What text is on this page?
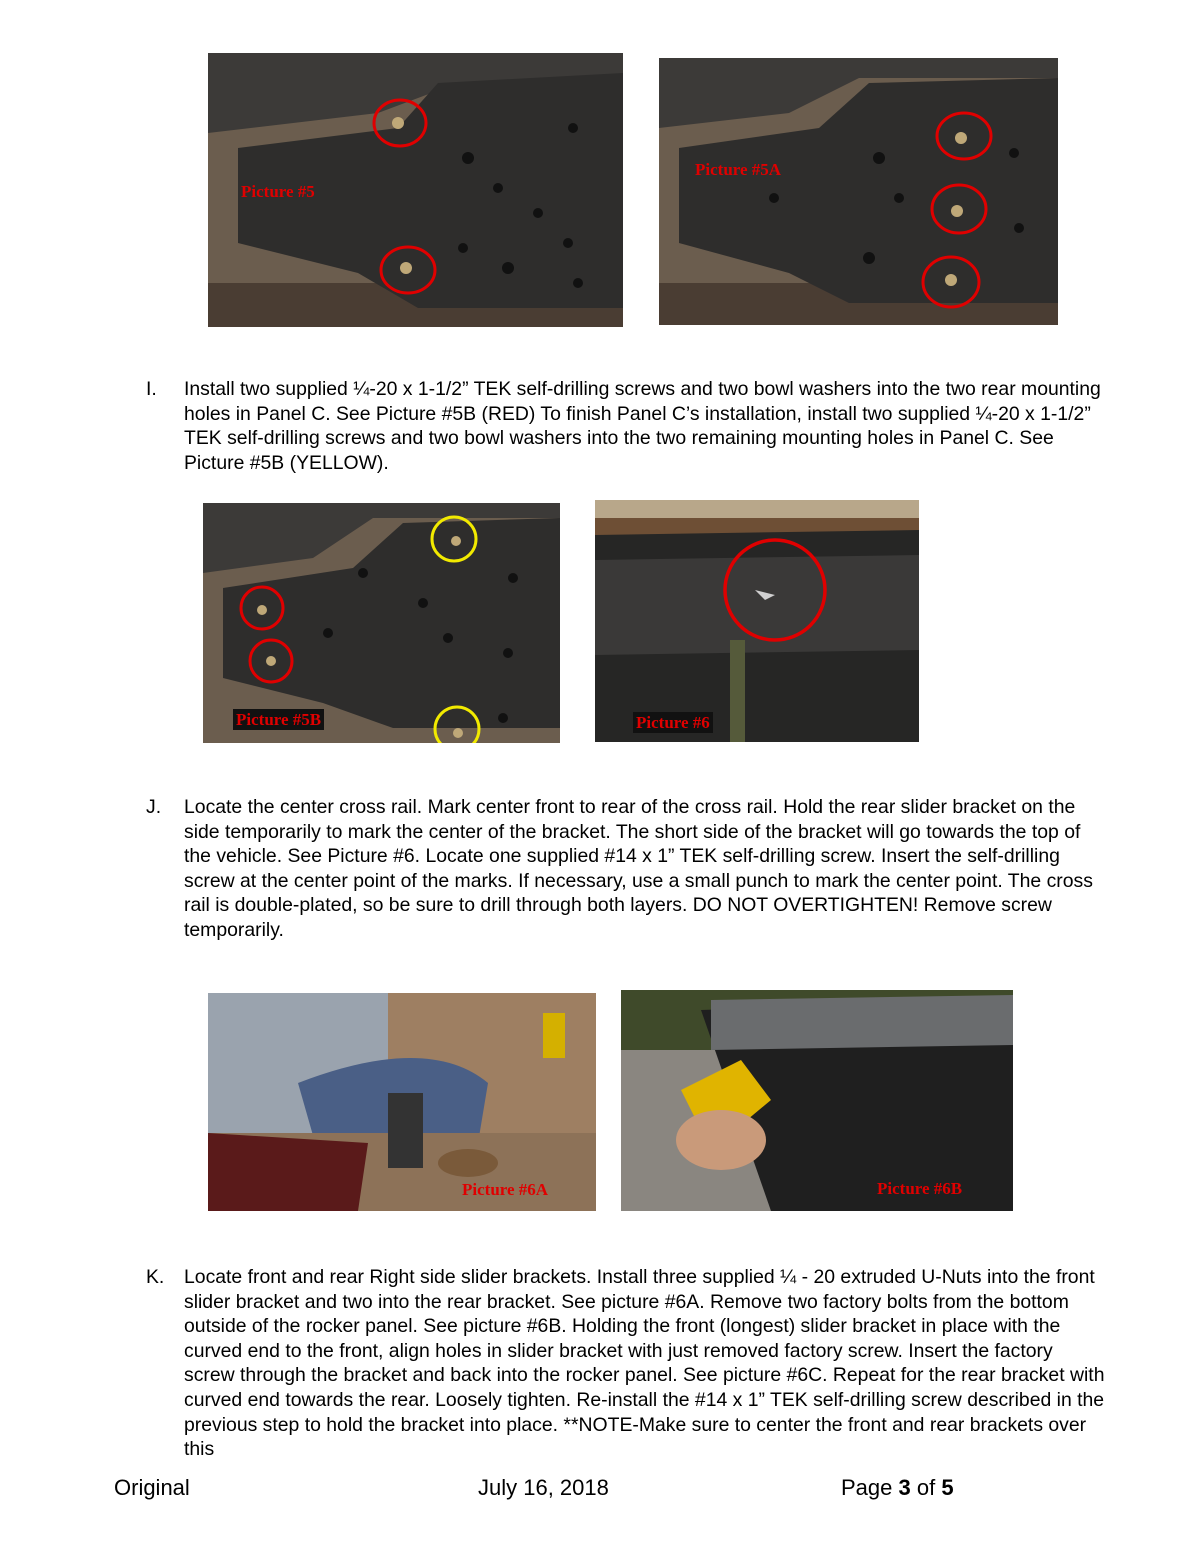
Picture #5
Picture #5A
I. Install two supplied ¼-20 x 1-1/2” TEK self-drilling screws and two bowl washers into the two rear mounting holes in Panel C. See Picture #5B (RED) To finish Panel C’s installation, install two supplied ¼-20 x 1-1/2” TEK self-drilling screws and two bowl washers into the two remaining mounting holes in Panel C. See Picture #5B (YELLOW).
Picture #5B	Picture #6
J. Locate the center cross rail. Mark center front to rear of the cross rail. Hold the rear slider bracket on the side temporarily to mark the center of the bracket. The short side of the bracket will go towards the top of the vehicle. See Picture #6. Locate one supplied #14 x 1” TEK self-drilling screw. Insert the self-drilling screw at the center point of the marks. If necessary, use a small punch to mark the center point. The cross rail is double-plated, so be sure to drill through both layers. DO NOT OVERTIGHTEN! Remove screw temporarily.
Picture #6A	Picture #6B
K. Locate front and rear Right side slider brackets. Install three supplied ¼ - 20 extruded U-Nuts into the front slider bracket and two into the rear bracket. See picture #6A. Remove two factory bolts from the bottom outside of the rocker panel. See picture #6B. Holding the front (longest) slider bracket in place with the curved end to the front, align holes in slider bracket with just removed factory screw. Insert the factory screw through the bracket and back into the rocker panel. See picture #6C. Repeat for the rear bracket with curved end towards the rear. Loosely tighten. Re-install the #14 x 1” TEK self-drilling screw described in the previous step to hold the bracket into place. **NOTE-Make sure to center the front and rear brackets over this
Original	July 16, 2018	Page 3 of 5
